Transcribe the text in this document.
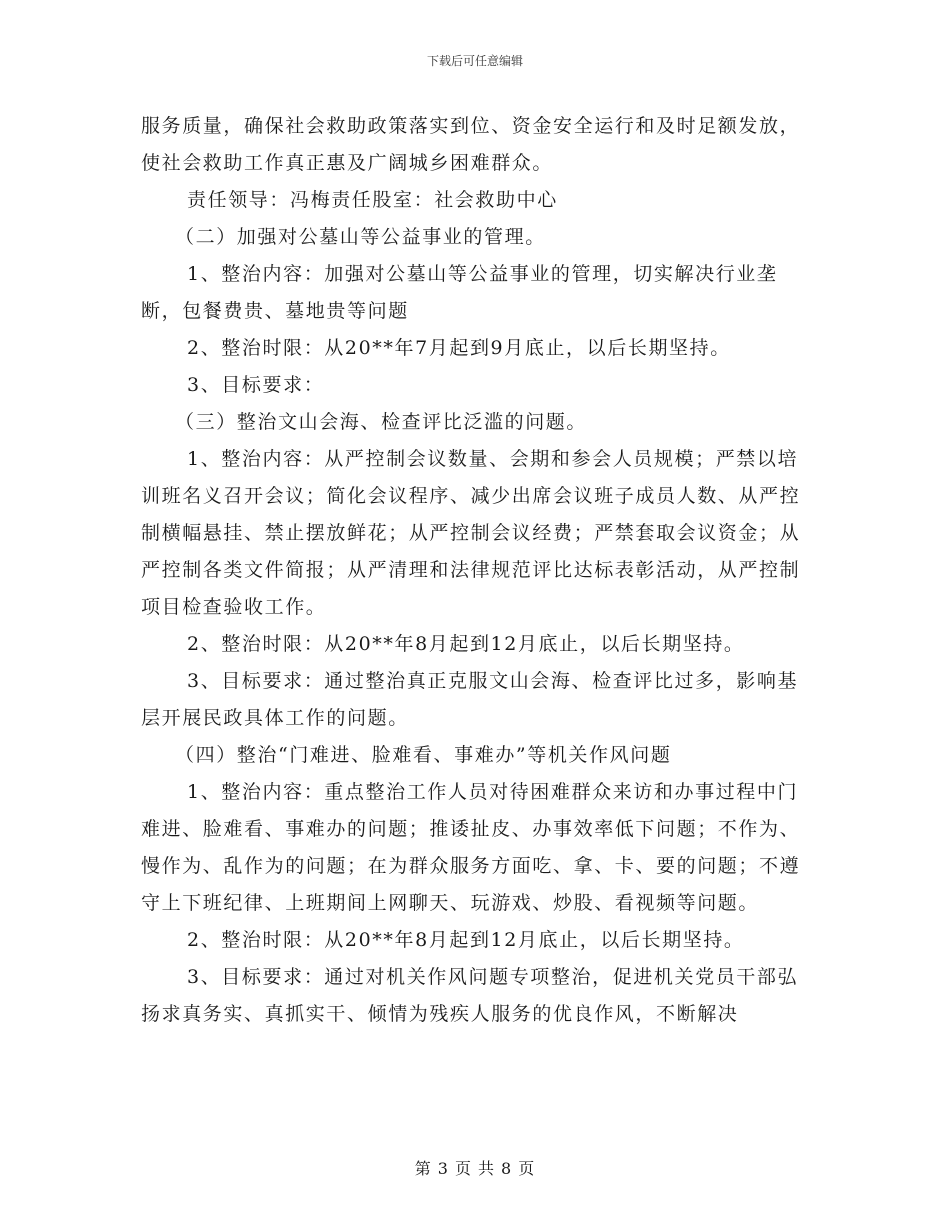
下载后可任意编辑

服务质量，确保社会救助政策落实到位、资金安全运行和及时足额发放，使社会救助工作真正惠及广阔城乡困难群众。

责任领导：冯梅责任股室：社会救助中心

（二）加强对公墓山等公益事业的管理。

1、整治内容：加强对公墓山等公益事业的管理，切实解决行业垄断，包餐费贵、墓地贵等问题

2、整治时限：从20**年7月起到9月底止，以后长期坚持。

3、目标要求：

（三）整治文山会海、检查评比泛滥的问题。

1、整治内容：从严控制会议数量、会期和参会人员规模；严禁以培训班名义召开会议；简化会议程序、减少出席会议班子成员人数、从严控制横幅悬挂、禁止摆放鲜花；从严控制会议经费；严禁套取会议资金；从严控制各类文件简报；从严清理和法律规范评比达标表彰活动，从严控制项目检查验收工作。

2、整治时限：从20**年8月起到12月底止，以后长期坚持。

3、目标要求：通过整治真正克服文山会海、检查评比过多，影响基层开展民政具体工作的问题。

（四）整治“门难进、脸难看、事难办”等机关作风问题

1、整治内容：重点整治工作人员对待困难群众来访和办事过程中门难进、脸难看、事难办的问题；推诿扯皮、办事效率低下问题；不作为、慢作为、乱作为的问题；在为群众服务方面吃、拿、卡、要的问题；不遵守上下班纪律、上班期间上网聊天、玩游戏、炒股、看视频等问题。

2、整治时限：从20**年8月起到12月底止，以后长期坚持。

3、目标要求：通过对机关作风问题专项整治，促进机关党员干部弘扬求真务实、真抓实干、倾情为残疾人服务的优良作风，不断解决

第 3 页 共 8 页
